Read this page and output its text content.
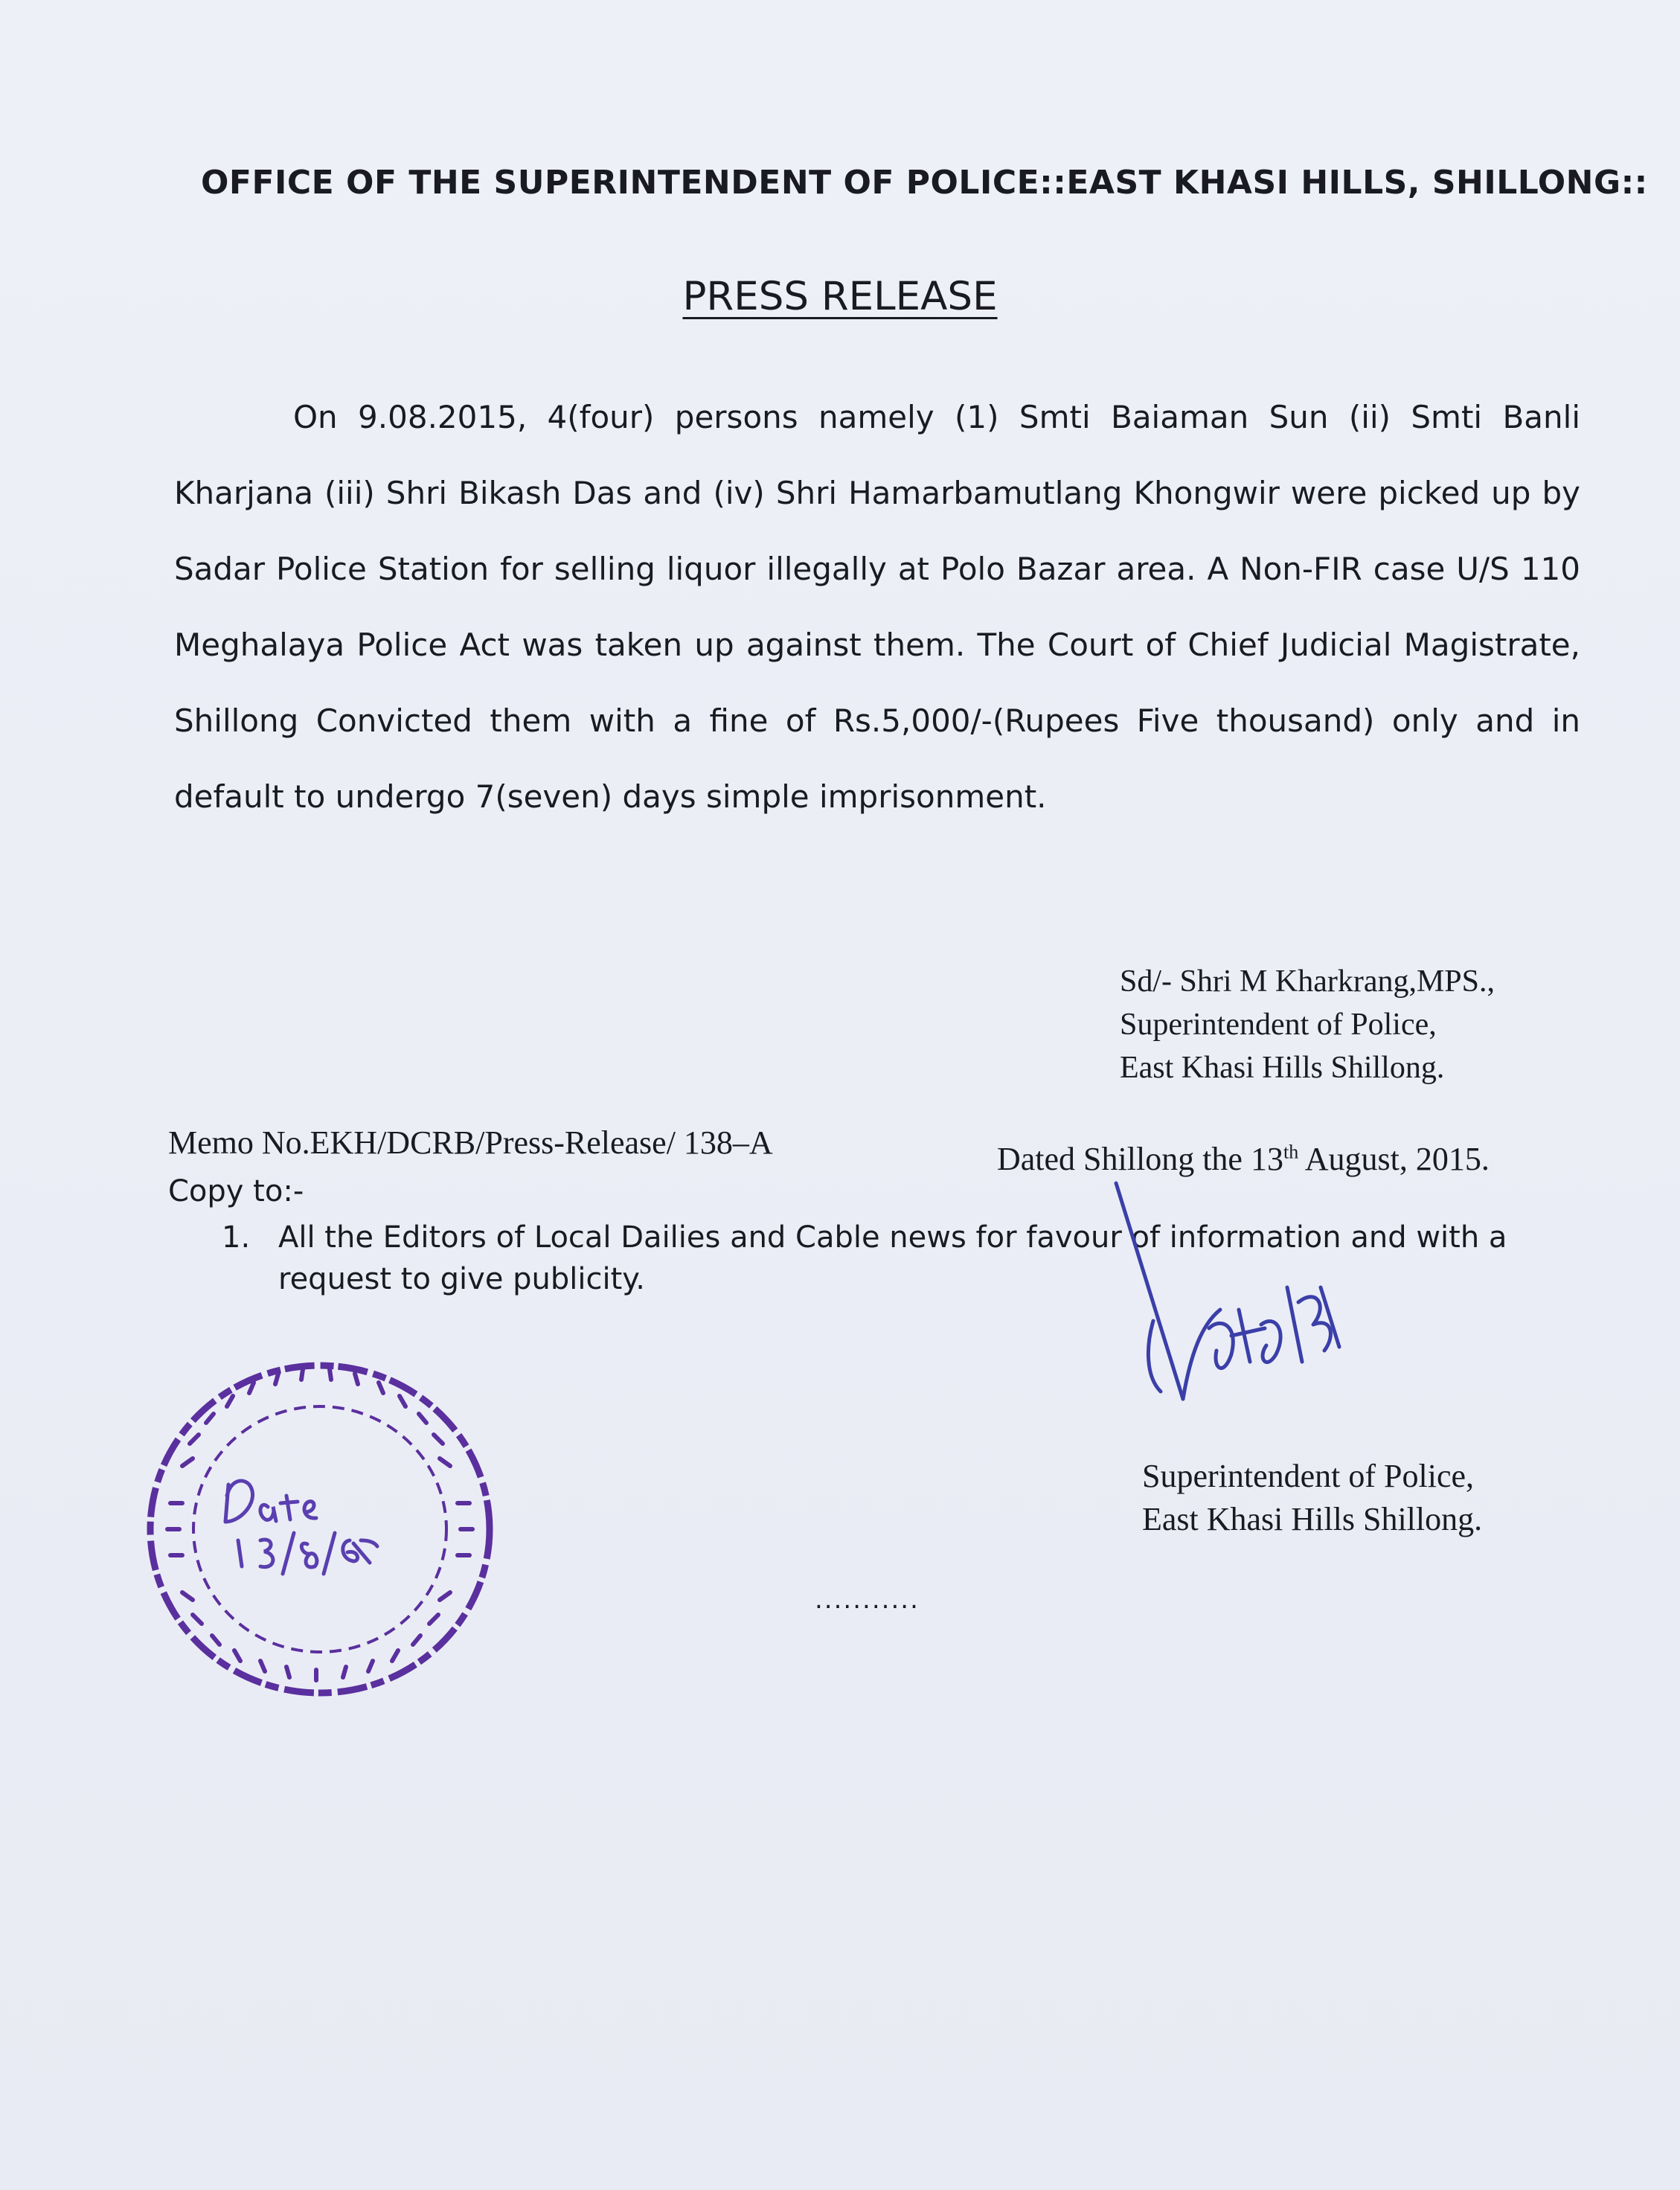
OFFICE OF THE SUPERINTENDENT OF POLICE::EAST KHASI HILLS, SHILLONG::
PRESS RELEASE
On 9.08.2015, 4(four) persons namely (1) Smti Baiaman Sun (ii) Smti Banli Kharjana (iii) Shri Bikash Das and (iv) Shri Hamarbamutlang Khongwir were picked up by Sadar Police Station for selling liquor illegally at Polo Bazar area. A Non-FIR case U/S 110 Meghalaya Police Act was taken up against them. The Court of Chief Judicial Magistrate, Shillong Convicted them with a fine of Rs.5,000/-(Rupees Five thousand) only and in default to undergo 7(seven) days simple imprisonment.
Sd/- Shri M Kharkrang,MPS.,
Superintendent of Police,
East Khasi Hills Shillong.
Memo No.EKH/DCRB/Press-Release/ 138–A	Dated Shillong the 13th August, 2015.
Copy to:-
1. All the Editors of Local Dailies and Cable news for favour of information and with a request to give publicity.
Superintendent of Police,
East Khasi Hills Shillong.
...........
